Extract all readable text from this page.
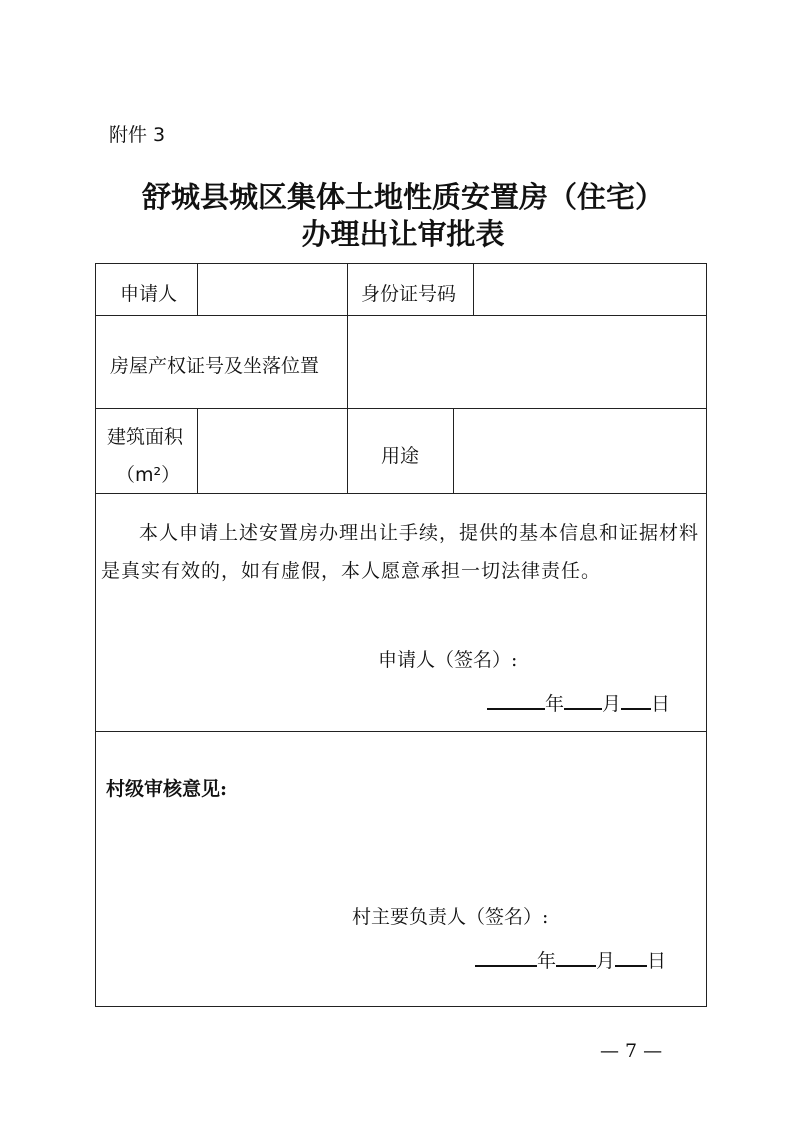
附件 3
舒城县城区集体土地性质安置房（住宅）
办理出让审批表
申请人	身份证号码
房屋产权证号及坐落位置
建筑面积
（m²）
用途
本人申请上述安置房办理出让手续，提供的基本信息和证据材料
是真实有效的，如有虚假，本人愿意承担一切法律责任。
申请人（签名）:
年 月 日
村级审核意见:
村主要负责人（签名）:
年 月 日
— 7 —
